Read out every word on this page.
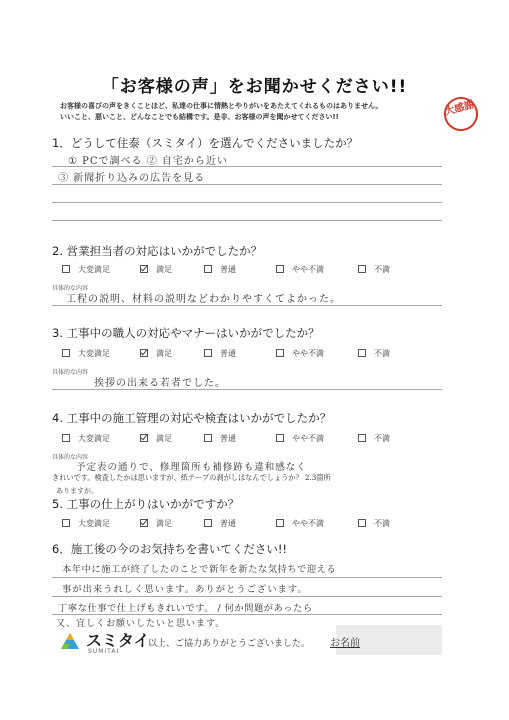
「お客様の声」をお聞かせください!!
お客様の喜びの声をきくことほど、私達の仕事に情熱とやりがいをあたえてくれるものはありません。
いいこと、悪いこと、どんなことでも結構です。是非、お客様の声を聞かせてください!!	大感謝
1．どうして住泰（スミタイ）を選んでくださいましたか？
① PCで調べる ② 自宅から近い
③ 新聞折り込みの広告を見る
2. 営業担当者の対応はいかがでしたか？
大変満足	満足	普通	やや不満	不満
具体的な内容
工程の説明、材料の説明などわかりやすくてよかった。
3. 工事中の職人の対応やマナーはいかがでしたか？
大変満足	満足	普通	やや不満	不満
具体的な内容
挨拶の出来る若者でした。
4. 工事中の施工管理の対応や検査はいかがでしたか？
大変満足	満足	普通	やや不満	不満
具体的な内容
予定表の通りで、修理箇所も補修跡も違和感なく
きれいです。検査したかは思いますが、紙テープの剥がしはなんでしょうか？ 2.3箇所
ありますが。
5. 工事の仕上がりはいかがですか？
大変満足	満足	普通	やや不満	不満
6．施工後の今のお気持ちを書いてください!!
本年中に施工が終了したのことで新年を新たな気持ちで迎える
事が出来うれしく思います。ありがとうございます。
丁寧な仕事で仕上げもきれいです。 / 何か問題があったら
又、宜しくお願いしたいと思います。
スミタイ
SUMITAI
以上、ご協力ありがとうございました。 お名前
